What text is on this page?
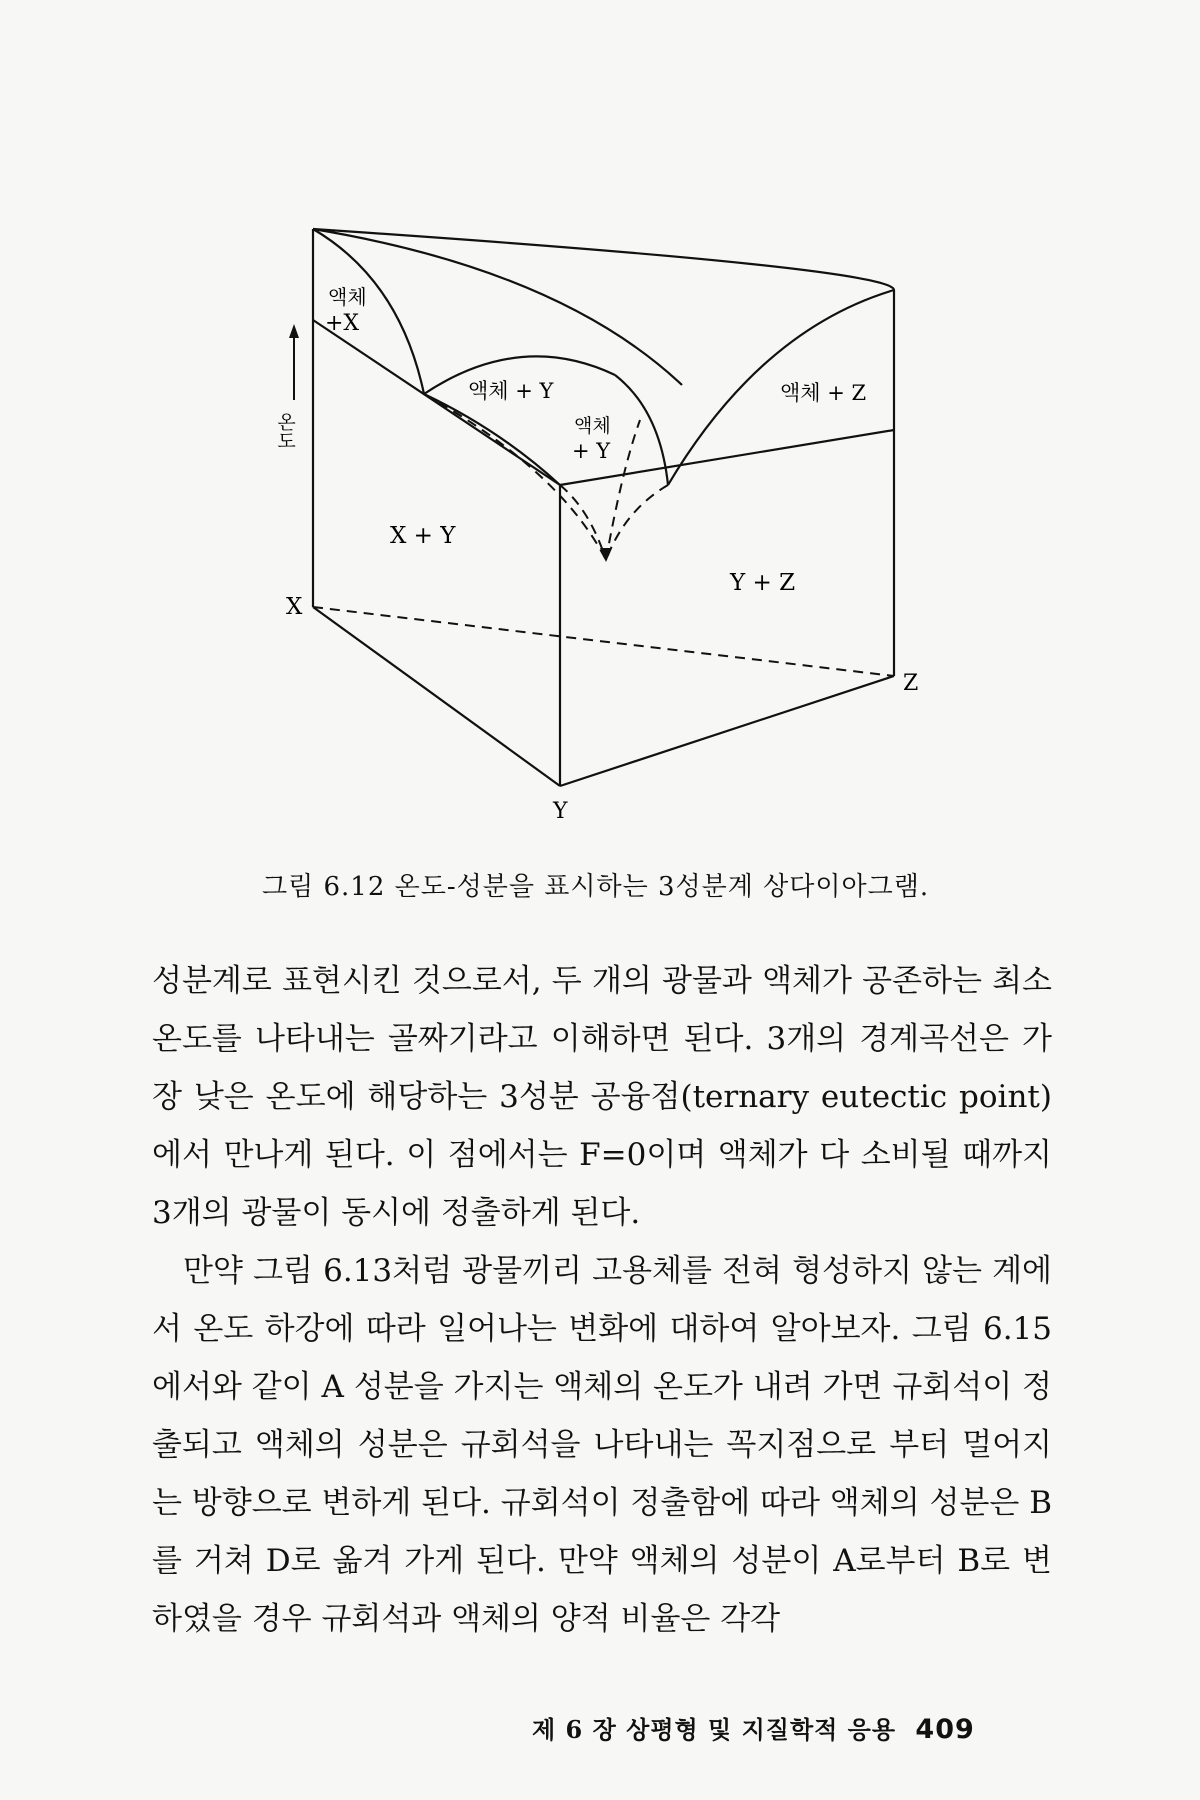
액체
+X
액체 + Y
액체
+ Y
액체 + Z
X + Y
Y + Z
X
Y
Z
온도
그림 6.12 온도-성분을 표시하는 3성분계 상다이아그램.

성분계로 표현시킨 것으로서, 두 개의 광물과 액체가 공존하는 최소 온도를 나타내는 골짜기라고 이해하면 된다. 3개의 경계곡선은 가장 낮은 온도에 해당하는 3성분 공융점(ternary eutectic point)에서 만나게 된다. 이 점에서는 F=0이며 액체가 다 소비될 때까지 3개의 광물이 동시에 정출하게 된다.

만약 그림 6.13처럼 광물끼리 고용체를 전혀 형성하지 않는 계에서 온도 하강에 따라 일어나는 변화에 대하여 알아보자. 그림 6.15에서와 같이 A 성분을 가지는 액체의 온도가 내려 가면 규회석이 정출되고 액체의 성분은 규회석을 나타내는 꼭지점으로 부터 멀어지는 방향으로 변하게 된다. 규회석이 정출함에 따라 액체의 성분은 B를 거쳐 D로 옮겨 가게 된다. 만약 액체의 성분이 A로부터 B로 변하였을 경우 규회석과 액체의 양적 비율은 각각

제 6 장 상평형 및 지질학적 응용 409
